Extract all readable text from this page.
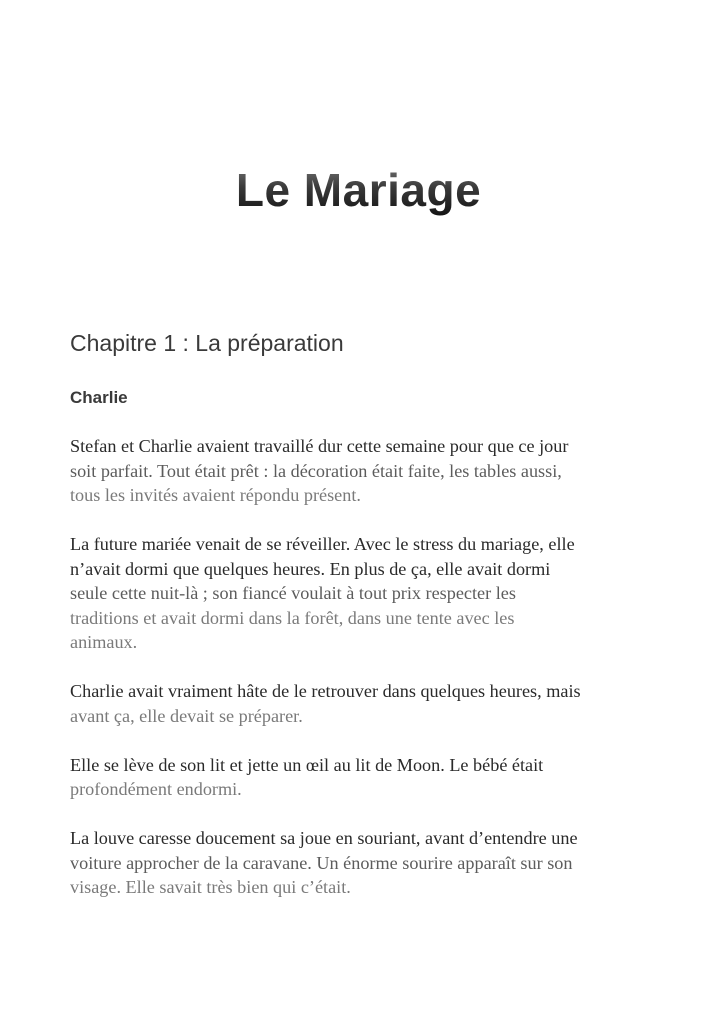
Le Mariage
Chapitre 1 : La préparation
Charlie

Stefan et Charlie avaient travaillé dur cette semaine pour que ce jour
soit parfait. Tout était prêt : la décoration était faite, les tables aussi,
tous les invités avaient répondu présent.

La future mariée venait de se réveiller. Avec le stress du mariage, elle
n’avait dormi que quelques heures. En plus de ça, elle avait dormi
seule cette nuit-là ; son fiancé voulait à tout prix respecter les
traditions et avait dormi dans la forêt, dans une tente avec les
animaux.

Charlie avait vraiment hâte de le retrouver dans quelques heures, mais
avant ça, elle devait se préparer.

Elle se lève de son lit et jette un œil au lit de Moon. Le bébé était
profondément endormi.

La louve caresse doucement sa joue en souriant, avant d’entendre une
voiture approcher de la caravane. Un énorme sourire apparaît sur son
visage. Elle savait très bien qui c’était.
